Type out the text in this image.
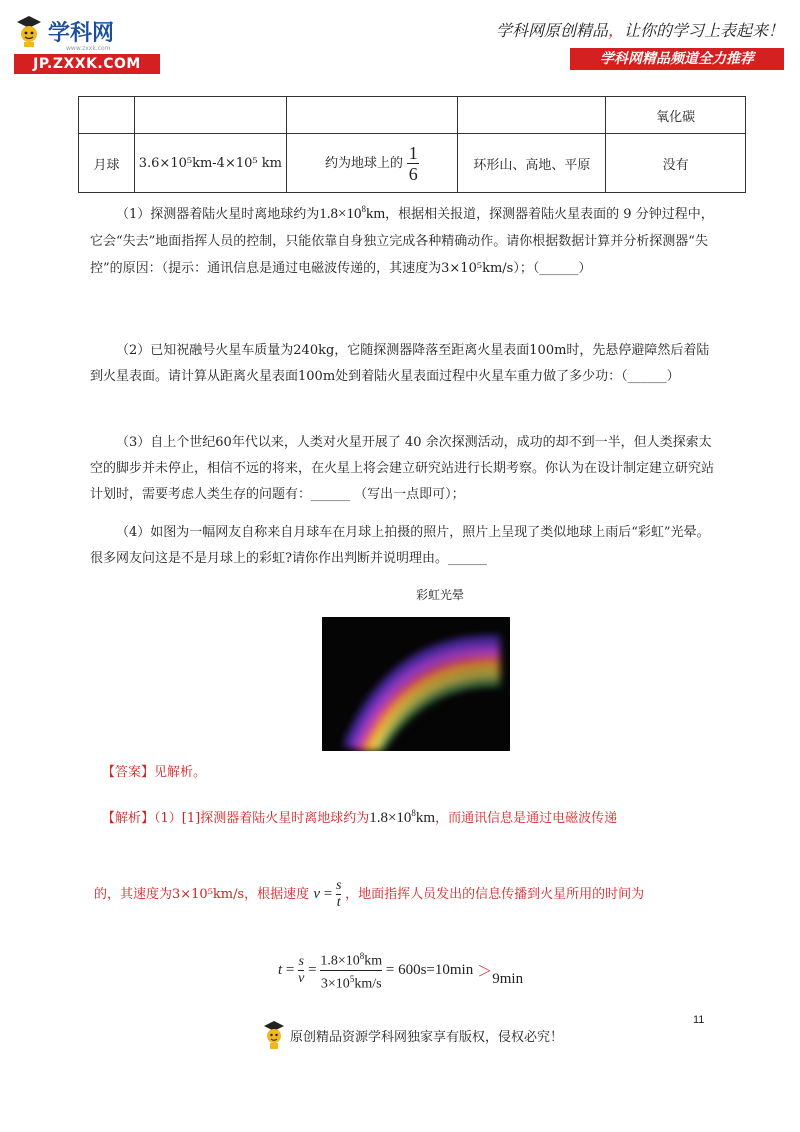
学科网
www.zxxk.com
JP.ZXXK.COM
学科网原创精品，让你的学习上表起来！
学科网精品频道全力推荐
				氧化碳
月球	3.6×10⁵km-4×10⁵ km	约为地球上的 $\frac{1}{6}$	环形山、高地、平原	没有
（1）探测器着陆火星时离地球约为$1.8\times 10^8km$，根据相关报道，探测器着陆火星表面的 9 分钟过程中，它会“失去”地面指挥人员的控制，只能依靠自身独立完成各种精确动作。请你根据数据计算并分析探测器“失控”的原因：（提示：通讯信息是通过电磁波传递的，其速度为3×10⁵km/s）；（______）
（2）已知祝融号火星车质量为240kg，它随探测器降落至距离火星表面100m时，先悬停避障然后着陆到火星表面。请计算从距离火星表面100m处到着陆火星表面过程中火星车重力做了多少功：（______）
（3）自上个世纪60年代以来，人类对火星开展了 40 余次探测活动，成功的却不到一半，但人类探索太空的脚步并未停止，相信不远的将来，在火星上将会建立研究站进行长期考察。你认为在设计制定建立研究站计划时，需要考虑人类生存的问题有：______ （写出一点即可）；
（4）如图为一幅网友自称来自月球车在月球上拍摄的照片，照片上呈现了类似地球上雨后“彩虹”光晕。很多网友问这是不是月球上的彩虹?请你作出判断并说明理由。______
彩虹光晕
【答案】见解析。
【解析】（1）[1]探测器着陆火星时离地球约为$1.8\times 10^8km$，而通讯信息是通过电磁波传递
的，其速度为3×10⁵km/s，根据速度 $v = \frac{s}{t}$ ，地面指挥人员发出的信息传播到火星所用的时间为
t =
s
v
=
$1.8\times 10^8km$
$3\times 10^5km/s$

= 600s=10min ＞ 9min
11
原创精品资源学科网独家享有版权，侵权必究！
